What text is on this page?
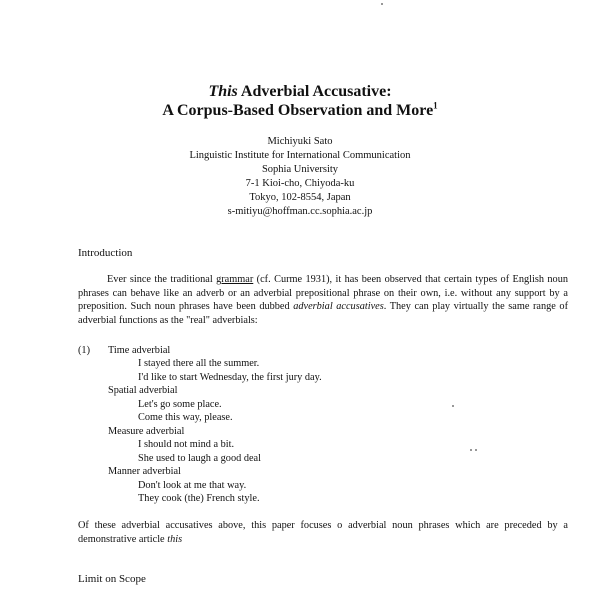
This Adverbial Accusative:
A Corpus-Based Observation and More$^1$
Michiyuki Sato
Linguistic Institute for International Communication
Sophia University
7-1 Kioi-cho, Chiyoda-ku
Tokyo, 102-8554, Japan
s-mitiyu@hoffman.cc.sophia.ac.jp
Introduction
Ever since the traditional grammar (cf. Curme 1931), it has been observed that certain types of English noun phrases can behave like an adverb or an adverbial prepositional phrase on their own, i.e. without any support by a preposition. Such noun phrases have been dubbed adverbial accusatives. They can play virtually the same range of adverbial functions as the "real" adverbials:
(1) Time adverbial
I stayed there all the summer.
I'd like to start Wednesday, the first jury day.
Spatial adverbial
Let's go some place.
Come this way, please.
Measure adverbial
I should not mind a bit.
She used to laugh a good deal
Manner adverbial
Don't look at me that way.
They cook (the) French style.
Of these adverbial accusatives above, this paper focuses o adverbial noun phrases which are preceded by a demonstrative article this
Limit on Scope
